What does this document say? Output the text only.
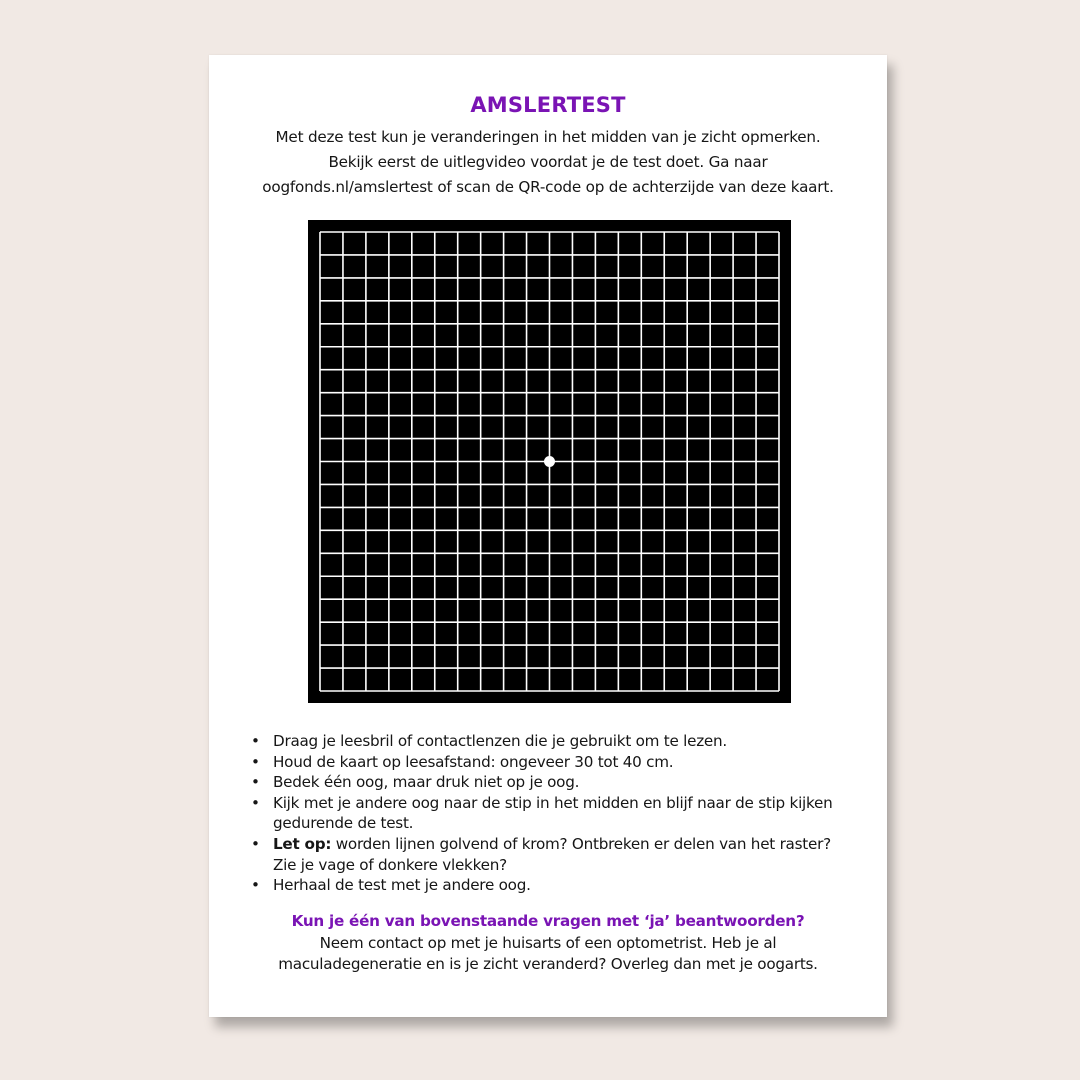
AMSLERTEST
Met deze test kun je veranderingen in het midden van je zicht opmerken.
Bekijk eerst de uitlegvideo voordat je de test doet. Ga naar
oogfonds.nl/amslertest of scan de QR-code op de achterzijde van deze kaart.
• Draag je leesbril of contactlenzen die je gebruikt om te lezen.
• Houd de kaart op leesafstand: ongeveer 30 tot 40 cm.
• Bedek één oog, maar druk niet op je oog.
• Kijk met je andere oog naar de stip in het midden en blijf naar de stip kijken gedurende de test.
• Let op: worden lijnen golvend of krom? Ontbreken er delen van het raster? Zie je vage of donkere vlekken?
• Herhaal de test met je andere oog.
Kun je één van bovenstaande vragen met ‘ja’ beantwoorden?
Neem contact op met je huisarts of een optometrist. Heb je al
maculadegeneratie en is je zicht veranderd? Overleg dan met je oogarts.
